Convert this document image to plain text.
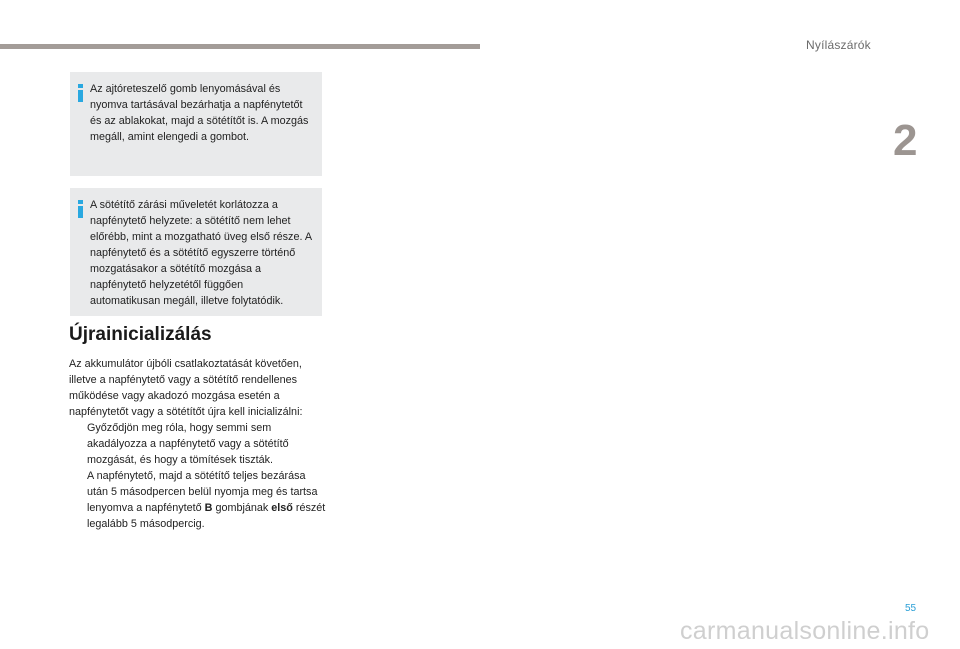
Nyílászárók
2
Az ajtóreteszelő gomb lenyomásával és nyomva tartásával bezárhatja a napfénytetőt és az ablakokat, majd a sötétítőt is. A mozgás megáll, amint elengedi a gombot.
A sötétítő zárási műveletét korlátozza a napfénytető helyzete: a sötétítő nem lehet előrébb, mint a mozgatható üveg első része. A napfénytető és a sötétítő egyszerre történő mozgatásakor a sötétítő mozgása a napfénytető helyzetétől függően automatikusan megáll, illetve folytatódik.
Újrainicializálás

Az akkumulátor újbóli csatlakoztatását követően, illetve a napfénytető vagy a sötétítő rendellenes működése vagy akadozó mozgása esetén a napfénytetőt vagy a sötétítőt újra kell inicializálni:

Győződjön meg róla, hogy semmi sem akadályozza a napfénytető vagy a sötétítő mozgását, és hogy a tömítések tiszták.
A napfénytető, majd a sötétítő teljes bezárása után 5 másodpercen belül nyomja meg és tartsa lenyomva a napfénytető B gombjának első részét legalább 5 másodpercig.
55
carmanualsonline.info
